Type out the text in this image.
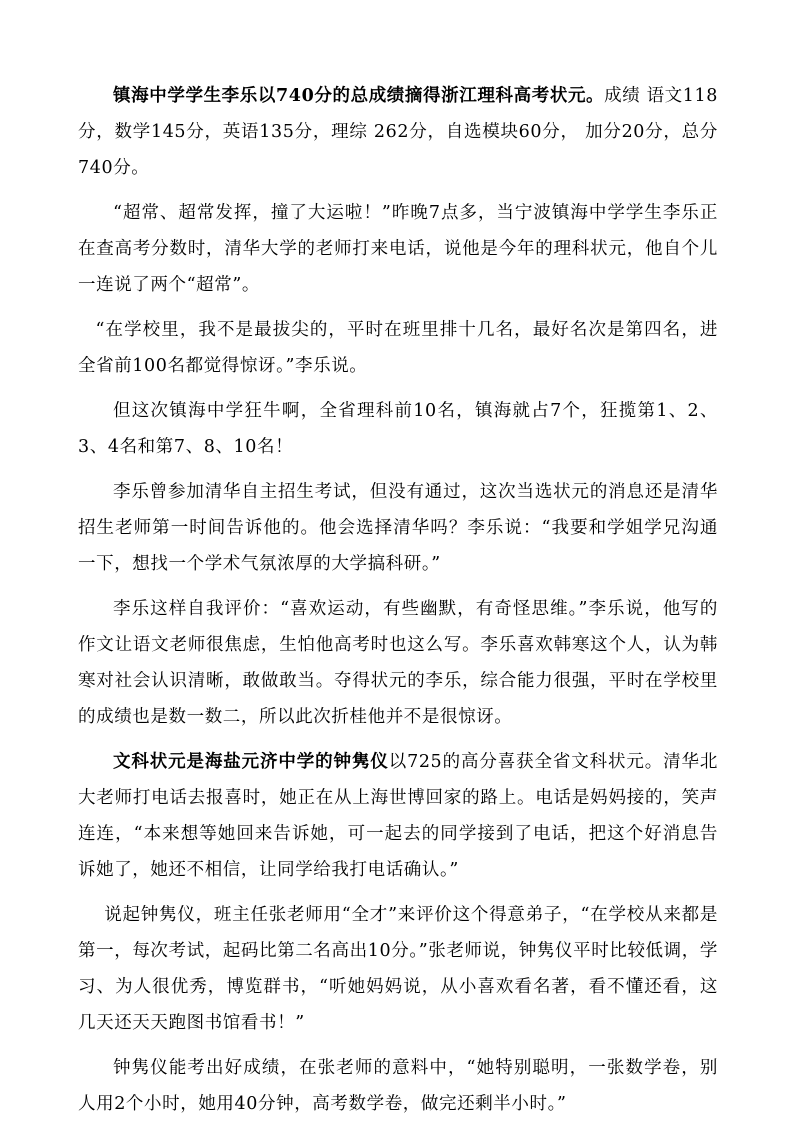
镇海中学学生李乐以740分的总成绩摘得浙江理科高考状元。成绩 语文118分，数学145分，英语135分，理综 262分，自选模块60分， 加分20分，总分740分。

“超常、超常发挥，撞了大运啦！”昨晚7点多，当宁波镇海中学学生李乐正在查高考分数时，清华大学的老师打来电话，说他是今年的理科状元，他自个儿一连说了两个“超常”。

“在学校里，我不是最拔尖的，平时在班里排十几名，最好名次是第四名，进全省前100名都觉得惊讶。”李乐说。

但这次镇海中学狂牛啊，全省理科前10名，镇海就占7个，狂揽第1、2、3、4名和第7、8、10名！

李乐曾参加清华自主招生考试，但没有通过，这次当选状元的消息还是清华招生老师第一时间告诉他的。他会选择清华吗？李乐说：“我要和学姐学兄沟通一下，想找一个学术气氛浓厚的大学搞科研。”

李乐这样自我评价：“喜欢运动，有些幽默，有奇怪思维。”李乐说，他写的作文让语文老师很焦虑，生怕他高考时也这么写。李乐喜欢韩寒这个人，认为韩寒对社会认识清晰，敢做敢当。夺得状元的李乐，综合能力很强，平时在学校里的成绩也是数一数二，所以此次折桂他并不是很惊讶。

文科状元是海盐元济中学的钟隽仪以725的高分喜获全省文科状元。清华北大老师打电话去报喜时，她正在从上海世博回家的路上。电话是妈妈接的，笑声连连，“本来想等她回来告诉她，可一起去的同学接到了电话，把这个好消息告诉她了，她还不相信，让同学给我打电话确认。”

说起钟隽仪，班主任张老师用“全才”来评价这个得意弟子，“在学校从来都是第一，每次考试，起码比第二名高出10分。”张老师说，钟隽仪平时比较低调，学习、为人很优秀，博览群书，“听她妈妈说，从小喜欢看名著，看不懂还看，这几天还天天跑图书馆看书！”

钟隽仪能考出好成绩，在张老师的意料中，“她特别聪明，一张数学卷，别人用2个小时，她用40分钟，高考数学卷，做完还剩半小时。”
